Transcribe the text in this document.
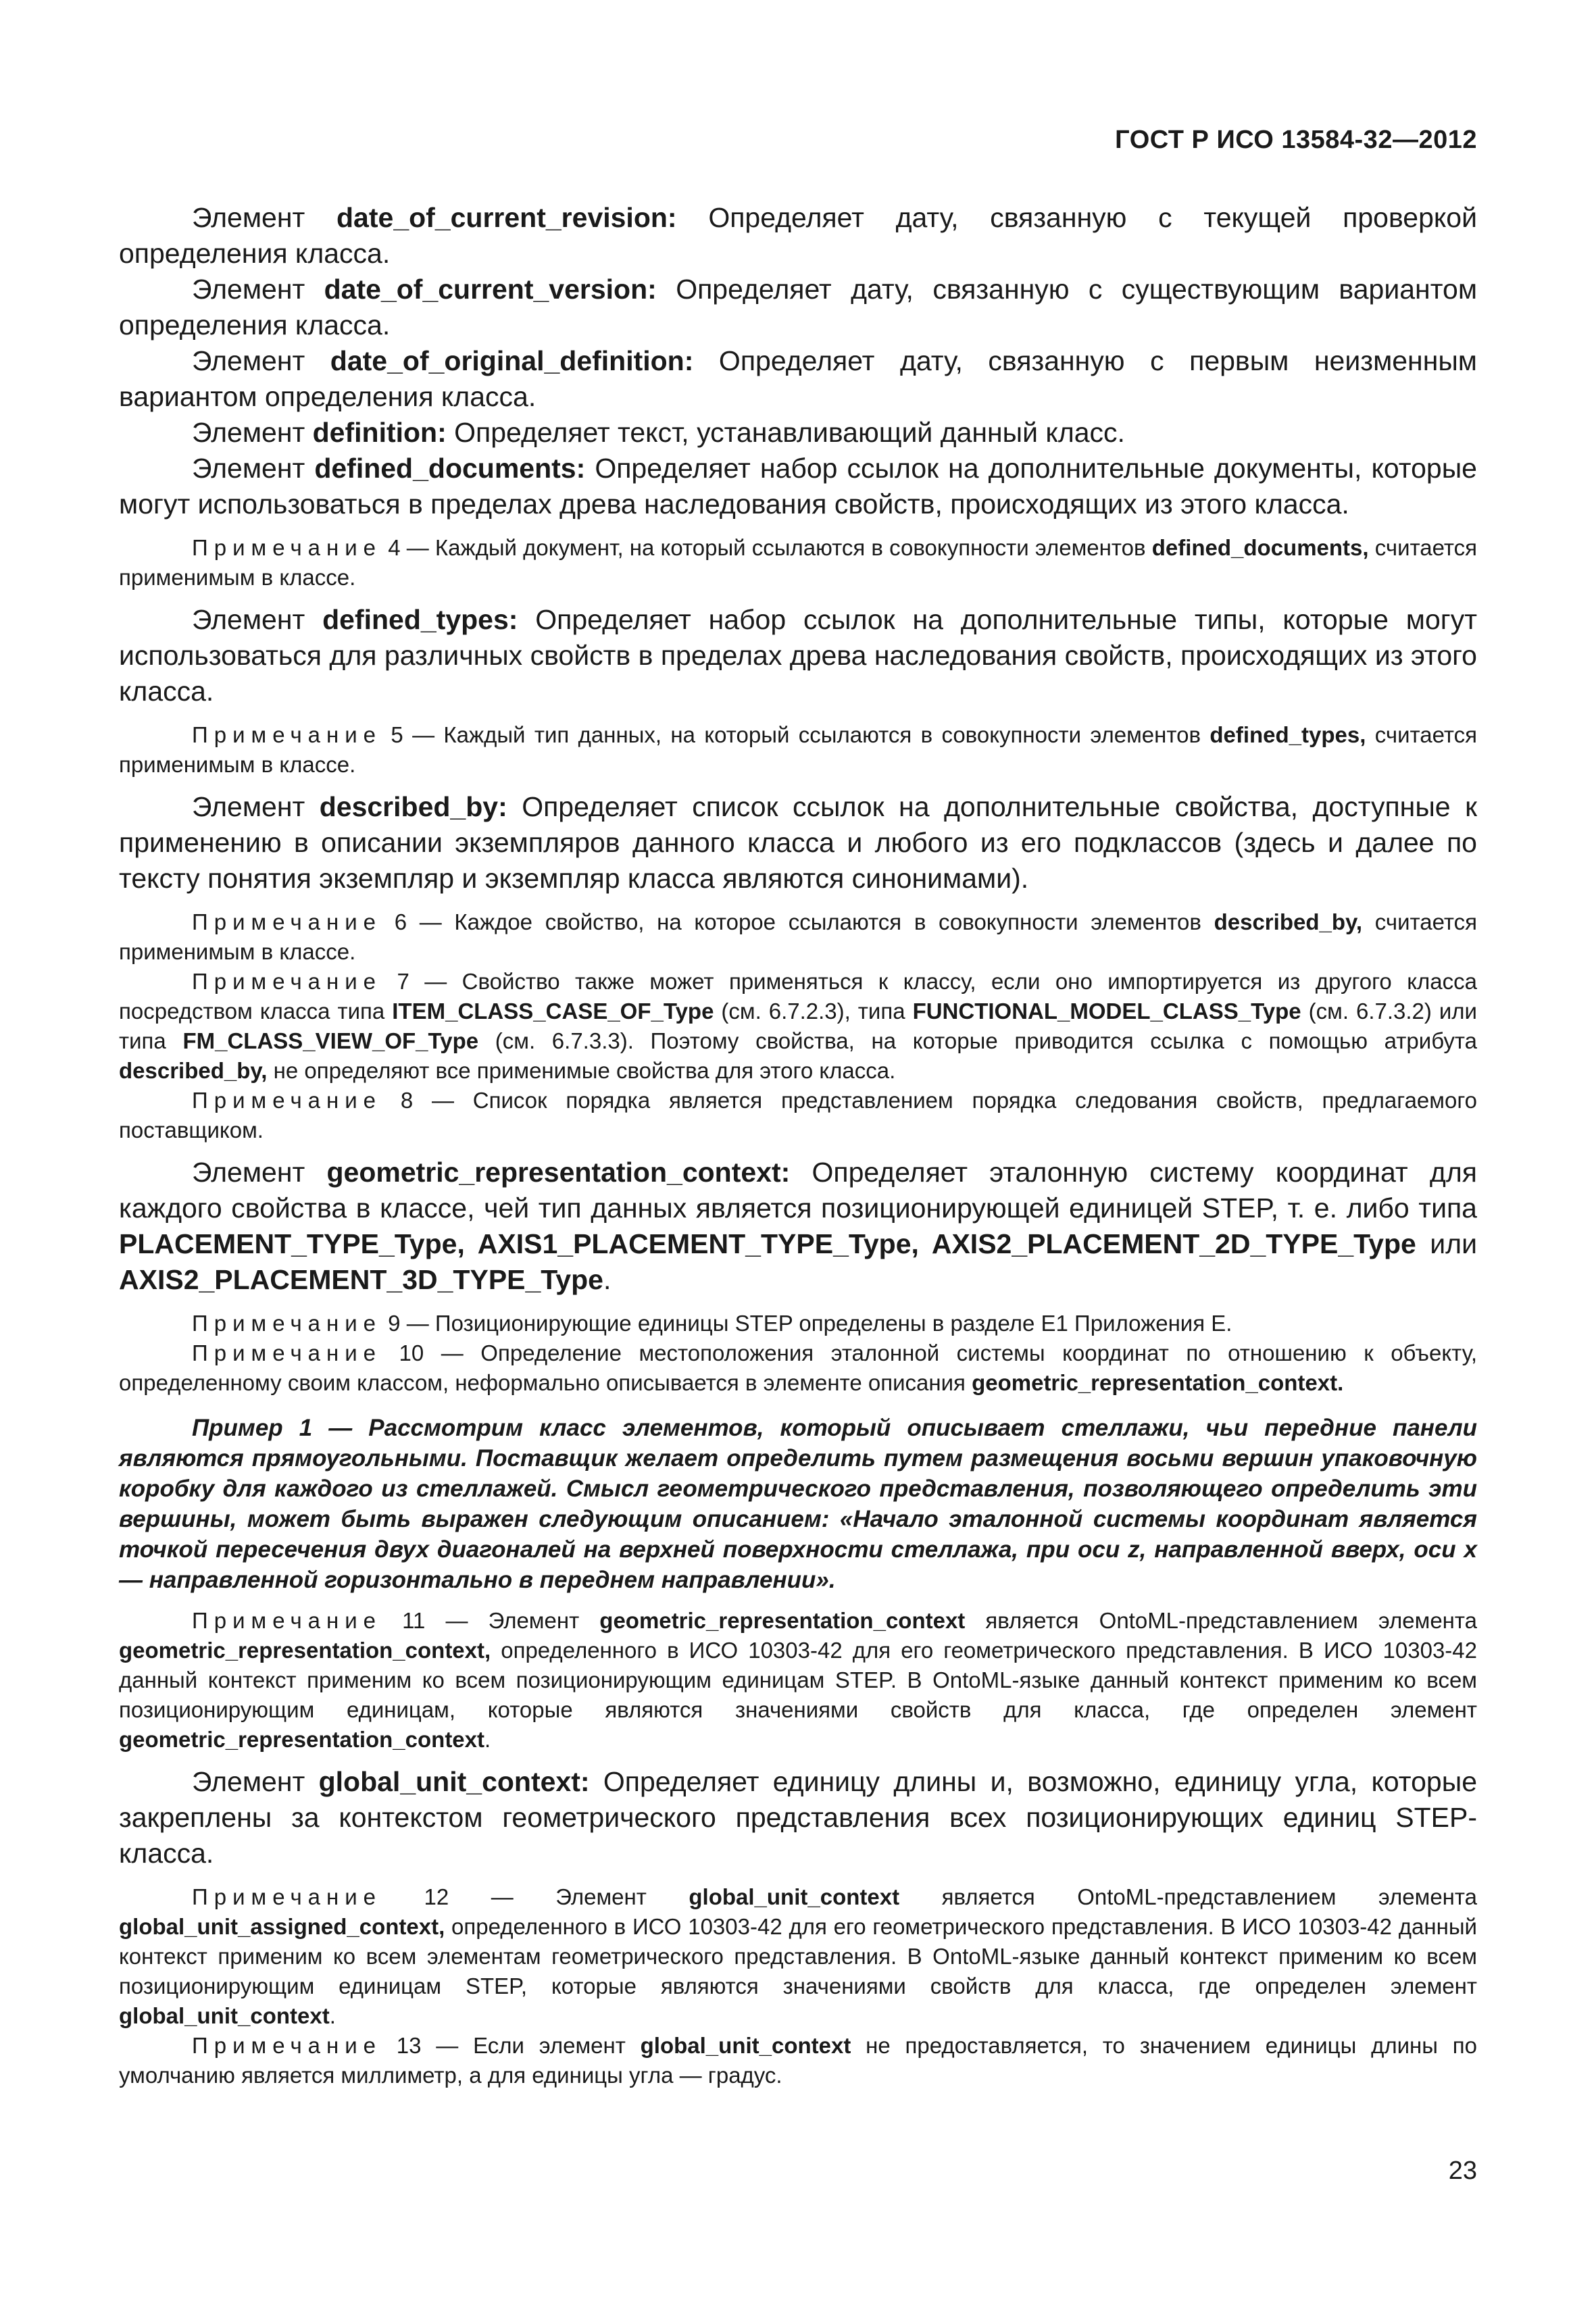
ГОСТ Р ИСО 13584-32—2012

Элемент date_of_current_revision: Определяет дату, связанную с текущей проверкой определения класса.

Элемент date_of_current_version: Определяет дату, связанную с существующим вариантом определения класса.

Элемент date_of_original_definition: Определяет дату, связанную с первым неизменным вариантом определения класса.

Элемент definition: Определяет текст, устанавливающий данный класс.

Элемент defined_documents: Определяет набор ссылок на дополнительные документы, которые могут использоваться в пределах древа наследования свойств, происходящих из этого класса.

Примечание 4 — Каждый документ, на который ссылаются в совокупности элементов defined_documents, считается применимым в классе.

Элемент defined_types: Определяет набор ссылок на дополнительные типы, которые могут использоваться для различных свойств в пределах древа наследования свойств, происходящих из этого класса.

Примечание 5 — Каждый тип данных, на который ссылаются в совокупности элементов defined_types, считается применимым в классе.

Элемент described_by: Определяет список ссылок на дополнительные свойства, доступные к применению в описании экземпляров данного класса и любого из его подклассов (здесь и далее по тексту понятия экземпляр и экземпляр класса являются синонимами).

Примечание 6 — Каждое свойство, на которое ссылаются в совокупности элементов described_by, считается применимым в классе.

Примечание 7 — Свойство также может применяться к классу, если оно импортируется из другого класса посредством класса типа ITEM_CLASS_CASE_OF_Type (см. 6.7.2.3), типа FUNCTIONAL_MODEL_CLASS_Type (см. 6.7.3.2) или типа FM_CLASS_VIEW_OF_Type (см. 6.7.3.3). Поэтому свойства, на которые приводится ссылка с помощью атрибута described_by, не определяют все применимые свойства для этого класса.

Примечание 8 — Список порядка является представлением порядка следования свойств, предлагаемого поставщиком.

Элемент geometric_representation_context: Определяет эталонную систему координат для каждого свойства в классе, чей тип данных является позиционирующей единицей STEP, т. е. либо типа PLACEMENT_TYPE_Type, AXIS1_PLACEMENT_TYPE_Type, AXIS2_PLACEMENT_2D_TYPE_Type или AXIS2_PLACEMENT_3D_TYPE_Type.

Примечание 9 — Позиционирующие единицы STEP определены в разделе Е1 Приложения Е.

Примечание 10 — Определение местоположения эталонной системы координат по отношению к объекту, определенному своим классом, неформально описывается в элементе описания geometric_representation_context.

Пример 1 — Рассмотрим класс элементов, который описывает стеллажи, чьи передние панели являются прямоугольными. Поставщик желает определить путем размещения восьми вершин упаковочную коробку для каждого из стеллажей. Смысл геометрического представления, позволяющего определить эти вершины, может быть выражен следующим описанием: «Начало эталонной системы координат является точкой пересечения двух диагоналей на верхней поверхности стеллажа, при оси z, направленной вверх, оси x — направленной горизонтально в переднем направлении».

Примечание 11 — Элемент geometric_representation_context является OntoML-представлением элемента geometric_representation_context, определенного в ИСО 10303-42 для его геометрического представления. В ИСО 10303-42 данный контекст применим ко всем позиционирующим единицам STEP. В OntoML-языке данный контекст применим ко всем позиционирующим единицам, которые являются значениями свойств для класса, где определен элемент geometric_representation_context.

Элемент global_unit_context: Определяет единицу длины и, возможно, единицу угла, которые закреплены за контекстом геометрического представления всех позиционирующих единиц STEP-класса.

Примечание 12 — Элемент global_unit_context является OntoML-представлением элемента global_unit_assigned_context, определенного в ИСО 10303-42 для его геометрического представления. В ИСО 10303-42 данный контекст применим ко всем элементам геометрического представления. В OntoML-языке данный контекст применим ко всем позиционирующим единицам STEP, которые являются значениями свойств для класса, где определен элемент global_unit_context.

Примечание 13 — Если элемент global_unit_context не предоставляется, то значением единицы длины по умолчанию является миллиметр, а для единицы угла — градус.

23
